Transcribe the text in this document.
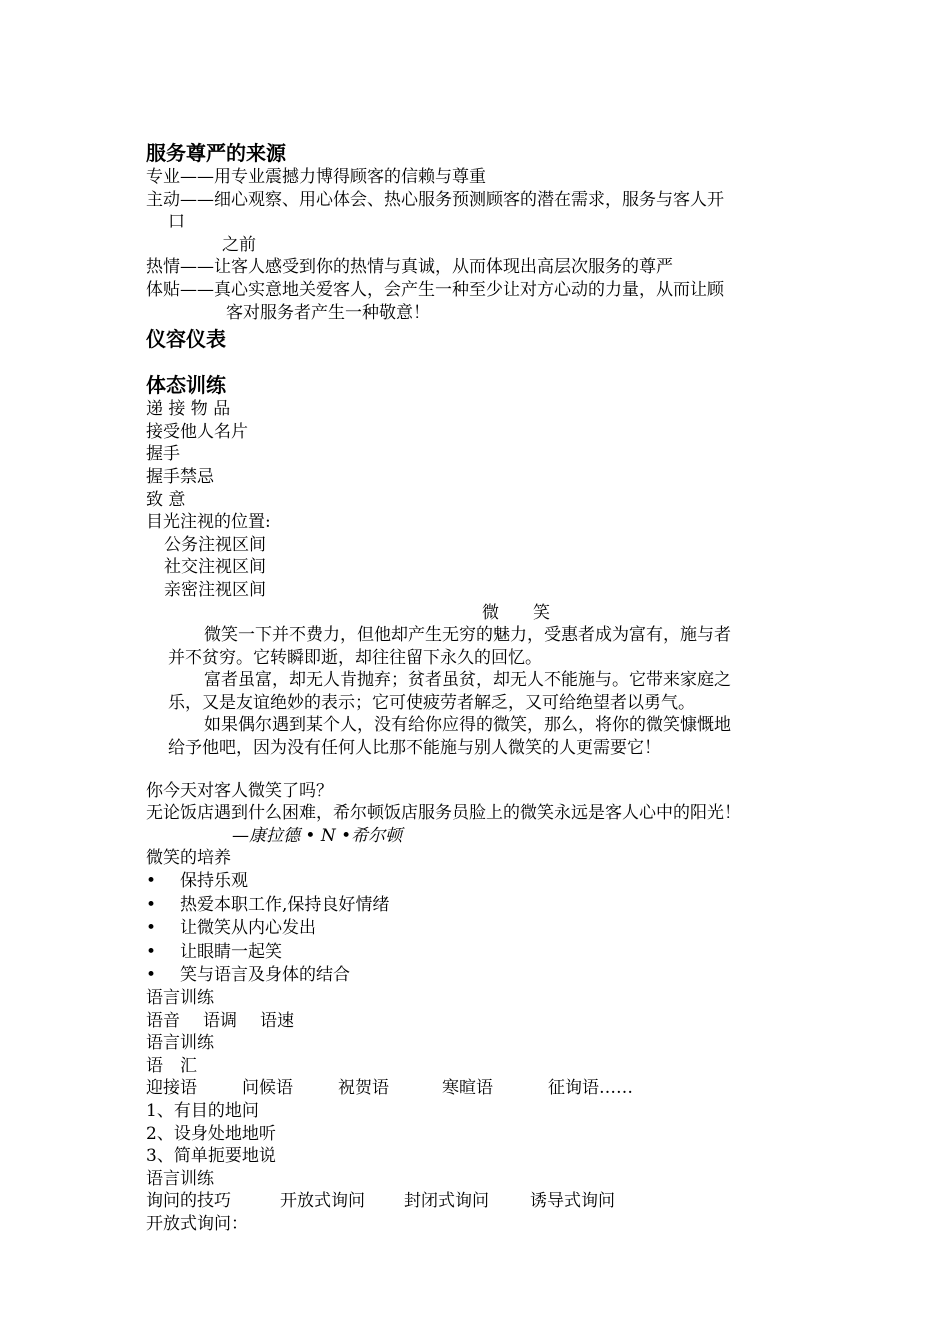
服务尊严的来源
专业——用专业震撼力博得顾客的信赖与尊重
主动——细心观察、用心体会、热心服务预测顾客的潜在需求，服务与客人开
口
之前
热情——让客人感受到你的热情与真诚，从而体现出高层次服务的尊严
体贴——真心实意地关爱客人，会产生一种至少让对方心动的力量，从而让顾
客对服务者产生一种敬意！
仪容仪表
体态训练
递 接 物 品
接受他人名片
握手
握手禁忌
致 意
目光注视的位置:
公务注视区间
社交注视区间
亲密注视区间
微　　笑
微笑一下并不费力，但他却产生无穷的魅力，受惠者成为富有，施与者
并不贫穷。它转瞬即逝，却往往留下永久的回忆。
富者虽富，却无人肯抛弃；贫者虽贫，却无人不能施与。它带来家庭之
乐，又是友谊绝妙的表示；它可使疲劳者解乏，又可给绝望者以勇气。
如果偶尔遇到某个人，没有给你应得的微笑，那么，将你的微笑慷慨地
给予他吧，因为没有任何人比那不能施与别人微笑的人更需要它！
你今天对客人微笑了吗？
无论饭店遇到什么困难，希尔顿饭店服务员脸上的微笑永远是客人心中的阳光！
—康拉德 • N •希尔顿
微笑的培养
•	保持乐观
•	热爱本职工作,保持良好情绪
•	让微笑从内心发出
•	让眼睛一起笑
•	笑与语言及身体的结合
语言训练
语音 语调 语速
语言训练
语　汇
迎接语	问候语	祝贺语	寒暄语	征询语……
1、有目的地问
2、设身处地地听
3、简单扼要地说
语言训练
询问的技巧	开放式询问 封闭式询问 诱导式询问
开放式询问：
